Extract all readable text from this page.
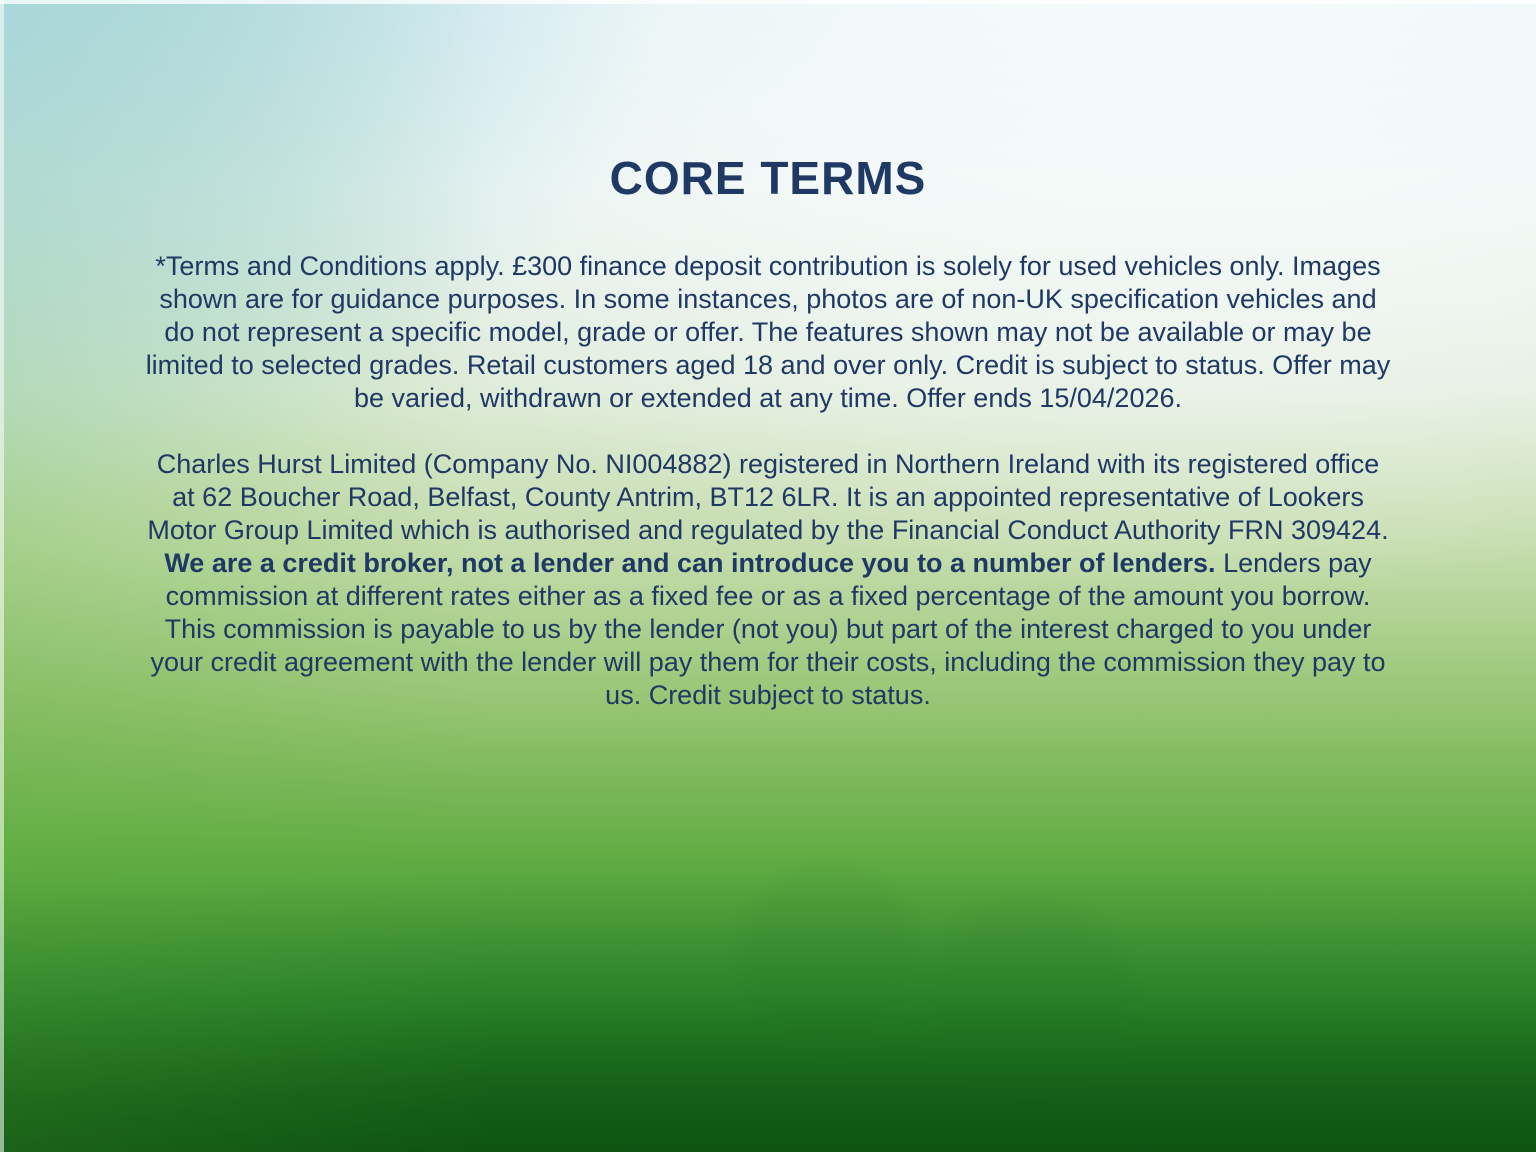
CORE TERMS

*Terms and Conditions apply. £300 finance deposit contribution is solely for used vehicles only. Images shown are for guidance purposes. In some instances, photos are of non-UK specification vehicles and do not represent a specific model, grade or offer. The features shown may not be available or may be limited to selected grades. Retail customers aged 18 and over only. Credit is subject to status. Offer may be varied, withdrawn or extended at any time. Offer ends 15/04/2026.

Charles Hurst Limited (Company No. NI004882) registered in Northern Ireland with its registered office at 62 Boucher Road, Belfast, County Antrim, BT12 6LR. It is an appointed representative of Lookers Motor Group Limited which is authorised and regulated by the Financial Conduct Authority FRN 309424. We are a credit broker, not a lender and can introduce you to a number of lenders. Lenders pay commission at different rates either as a fixed fee or as a fixed percentage of the amount you borrow. This commission is payable to us by the lender (not you) but part of the interest charged to you under your credit agreement with the lender will pay them for their costs, including the commission they pay to us. Credit subject to status.
